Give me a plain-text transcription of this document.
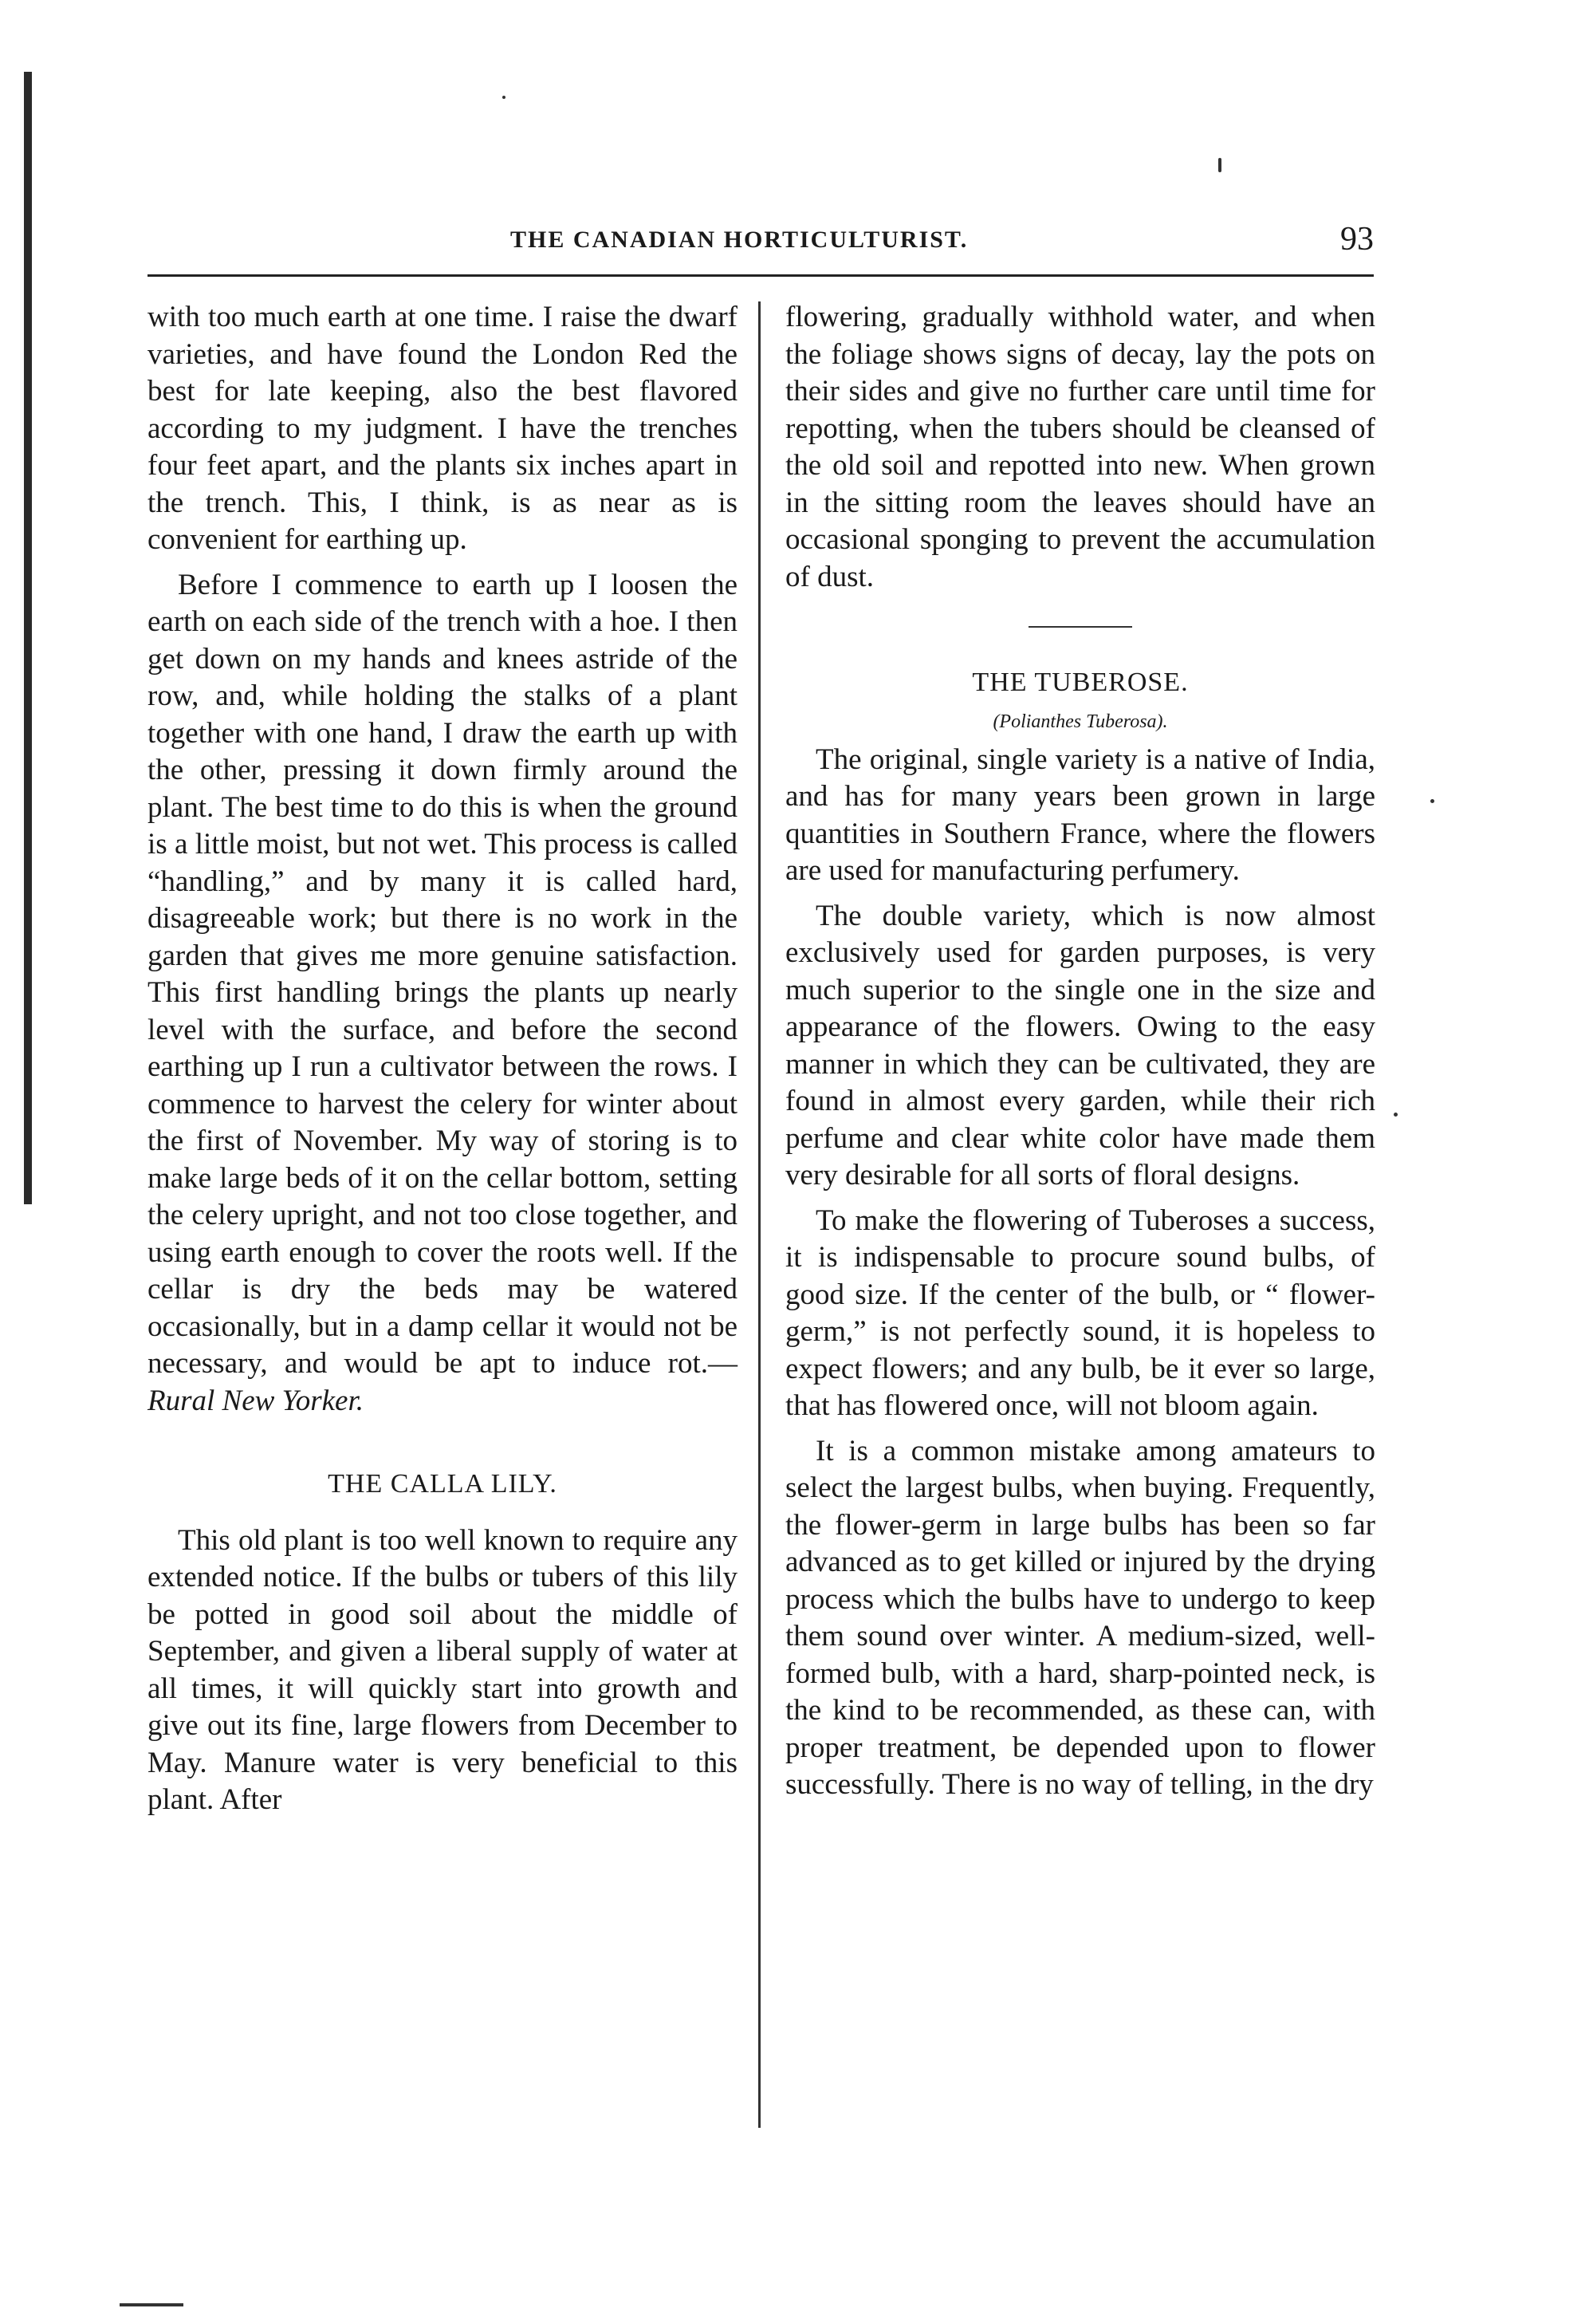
THE CANADIAN HORTICULTURIST.	93

with too much earth at one time. I raise the dwarf varieties, and have found the London Red the best for late keeping, also the best flavored according to my judgment. I have the trenches four feet apart, and the plants six inches apart in the trench. This, I think, is as near as is convenient for earthing up.

Before I commence to earth up I loosen the earth on each side of the trench with a hoe. I then get down on my hands and knees astride of the row, and, while holding the stalks of a plant together with one hand, I draw the earth up with the other, pressing it down firmly around the plant. The best time to do this is when the ground is a little moist, but not wet. This process is called “handling,” and by many it is called hard, disagreeable work; but there is no work in the garden that gives me more genuine satisfaction. This first handling brings the plants up nearly level with the surface, and before the second earthing up I run a cultivator between the rows. I commence to harvest the celery for winter about the first of November. My way of storing is to make large beds of it on the cellar bottom, setting the celery upright, and not too close together, and using earth enough to cover the roots well. If the cellar is dry the beds may be watered occasionally, but in a damp cellar it would not be necessary, and would be apt to induce rot.—Rural New Yorker.

THE CALLA LILY.

This old plant is too well known to require any extended notice. If the bulbs or tubers of this lily be potted in good soil about the middle of September, and given a liberal supply of water at all times, it will quickly start into growth and give out its fine, large flowers from December to May. Manure water is very beneficial to this plant. After

flowering, gradually withhold water, and when the foliage shows signs of decay, lay the pots on their sides and give no further care until time for repotting, when the tubers should be cleansed of the old soil and repotted into new. When grown in the sitting room the leaves should have an occasional sponging to prevent the accumulation of dust.

THE TUBEROSE.

(Polianthes Tuberosa).

The original, single variety is a native of India, and has for many years been grown in large quantities in Southern France, where the flowers are used for manufacturing perfumery.

The double variety, which is now almost exclusively used for garden purposes, is very much superior to the single one in the size and appearance of the flowers. Owing to the easy manner in which they can be cultivated, they are found in almost every garden, while their rich perfume and clear white color have made them very desirable for all sorts of floral designs.

To make the flowering of Tuberoses a success, it is indispensable to procure sound bulbs, of good size. If the center of the bulb, or “ flower-germ,” is not perfectly sound, it is hopeless to expect flowers; and any bulb, be it ever so large, that has flowered once, will not bloom again.

It is a common mistake among amateurs to select the largest bulbs, when buying. Frequently, the flower-germ in large bulbs has been so far advanced as to get killed or injured by the drying process which the bulbs have to undergo to keep them sound over winter. A medium-sized, well-formed bulb, with a hard, sharp-pointed neck, is the kind to be recommended, as these can, with proper treatment, be depended upon to flower successfully. There is no way of telling, in the dry
